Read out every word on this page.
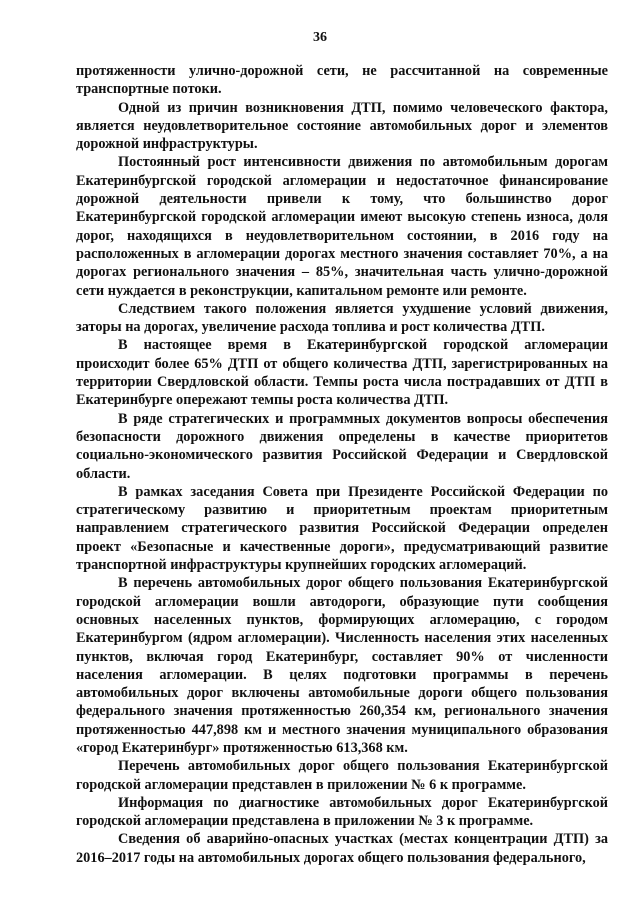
36

протяженности улично-дорожной сети, не рассчитанной на современные транспортные потоки.

Одной из причин возникновения ДТП, помимо человеческого фактора, является неудовлетворительное состояние автомобильных дорог и элементов дорожной инфраструктуры.

Постоянный рост интенсивности движения по автомобильным дорогам Екатеринбургской городской агломерации и недостаточное финансирование дорожной деятельности привели к тому, что большинство дорог Екатеринбургской городской агломерации имеют высокую степень износа, доля дорог, находящихся в неудовлетворительном состоянии, в 2016 году на расположенных в агломерации дорогах местного значения составляет 70%, а на дорогах регионального значения – 85%, значительная часть улично-дорожной сети нуждается в реконструкции, капитальном ремонте или ремонте.

Следствием такого положения является ухудшение условий движения, заторы на дорогах, увеличение расхода топлива и рост количества ДТП.

В настоящее время в Екатеринбургской городской агломерации происходит более 65% ДТП от общего количества ДТП, зарегистрированных на территории Свердловской области. Темпы роста числа пострадавших от ДТП в Екатеринбурге опережают темпы роста количества ДТП.

В ряде стратегических и программных документов вопросы обеспечения безопасности дорожного движения определены в качестве приоритетов социально-экономического развития Российской Федерации и Свердловской области.

В рамках заседания Совета при Президенте Российской Федерации по стратегическому развитию и приоритетным проектам приоритетным направлением стратегического развития Российской Федерации определен проект «Безопасные и качественные дороги», предусматривающий развитие транспортной инфраструктуры крупнейших городских агломераций.

В перечень автомобильных дорог общего пользования Екатеринбургской городской агломерации вошли автодороги, образующие пути сообщения основных населенных пунктов, формирующих агломерацию, с городом Екатеринбургом (ядром агломерации). Численность населения этих населенных пунктов, включая город Екатеринбург, составляет 90% от численности населения агломерации. В целях подготовки программы в перечень автомобильных дорог включены автомобильные дороги общего пользования федерального значения протяженностью 260,354 км, регионального значения протяженностью 447,898 км и местного значения муниципального образования «город Екатеринбург» протяженностью 613,368 км.

Перечень автомобильных дорог общего пользования Екатеринбургской городской агломерации представлен в приложении № 6 к программе.

Информация по диагностике автомобильных дорог Екатеринбургской городской агломерации представлена в приложении № 3 к программе.

Сведения об аварийно-опасных участках (местах концентрации ДТП) за 2016–2017 годы на автомобильных дорогах общего пользования федерального,
